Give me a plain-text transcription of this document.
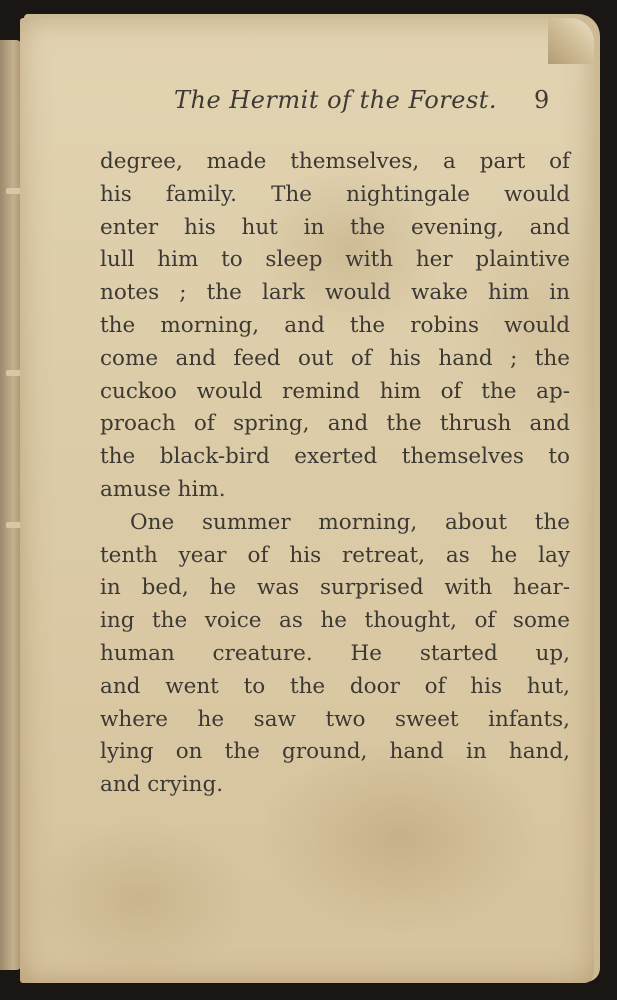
The Hermit of the Forest. 9
degree, made themselves, a part of
his family. The nightingale would
enter his hut in the evening, and
lull him to sleep with her plaintive
notes ; the lark would wake him in
the morning, and the robins would
come and feed out of his hand ; the
cuckoo would remind him of the ap-
proach of spring, and the thrush and
the black-bird exerted themselves to
amuse him.
One summer morning, about the
tenth year of his retreat, as he lay
in bed, he was surprised with hear-
ing the voice as he thought, of some
human creature. He started up,
and went to the door of his hut,
where he saw two sweet infants,
lying on the ground, hand in hand,
and crying.
